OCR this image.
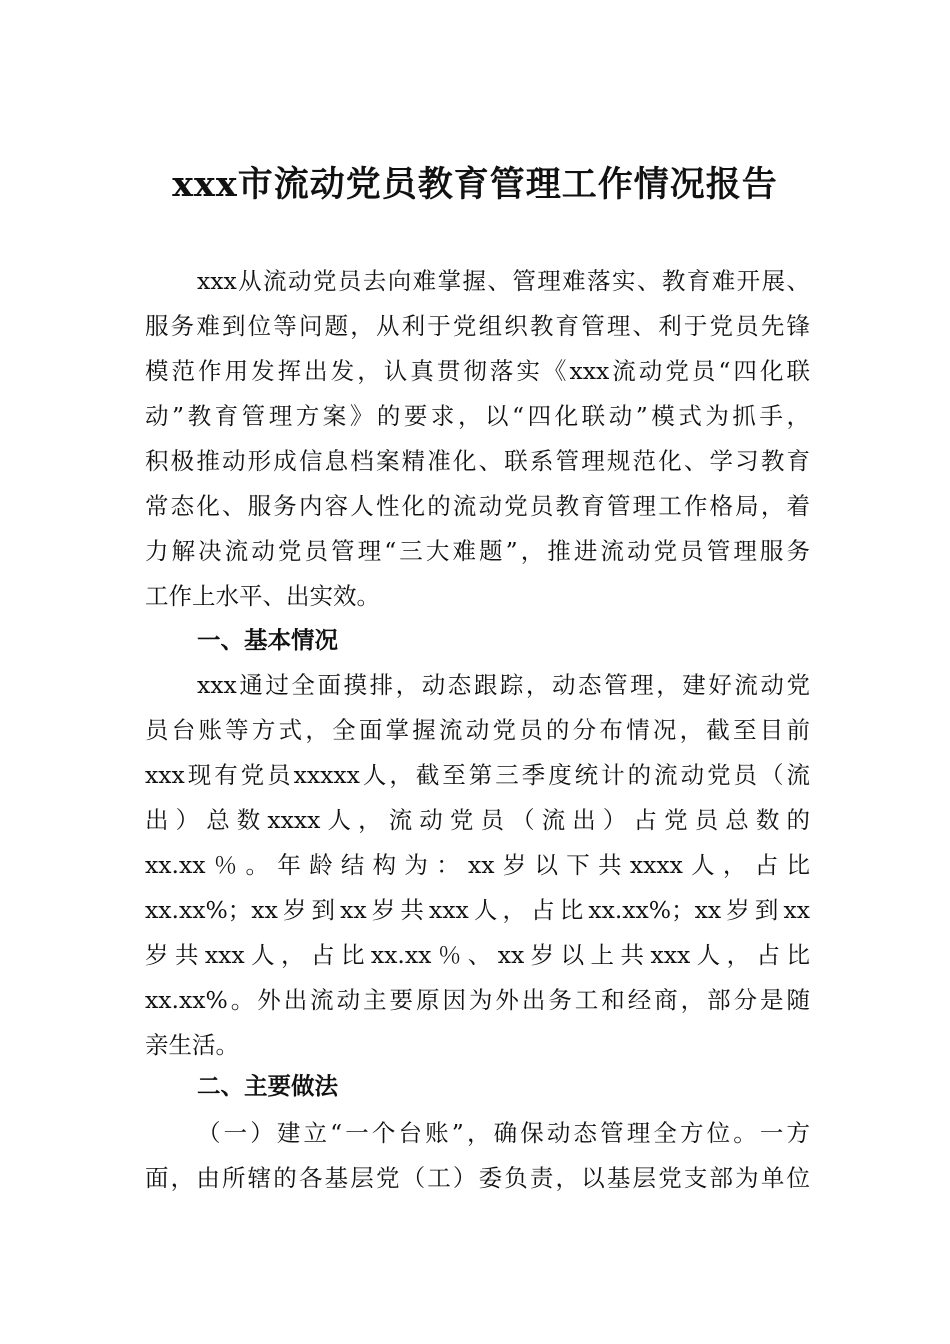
xxx市流动党员教育管理工作情况报告
xxx从流动党员去向难掌握、管理难落实、教育难开展、
服务难到位等问题，从利于党组织教育管理、利于党员先锋
模范作用发挥出发，认真贯彻落实《xxx流动党员“四化联
动”教育管理方案》的要求，以“四化联动”模式为抓手，
积极推动形成信息档案精准化、联系管理规范化、学习教育
常态化、服务内容人性化的流动党员教育管理工作格局，着
力解决流动党员管理“三大难题”，推进流动党员管理服务
工作上水平、出实效。
一、基本情况
xxx通过全面摸排，动态跟踪，动态管理，建好流动党
员台账等方式，全面掌握流动党员的分布情况，截至目前
xxx现有党员xxxxx人，截至第三季度统计的流动党员（流
出）总数xxxx人，流动党员（流出）占党员总数的
xx.xx％。年龄结构为：xx岁以下共xxxx人，占比
xx.xx%；xx岁到xx岁共xxx人，占比xx.xx%；xx岁到xx
岁共xxx人，占比xx.xx％、xx岁以上共xxx人，占比
xx.xx%。外出流动主要原因为外出务工和经商，部分是随
亲生活。
二、主要做法
（一）建立“一个台账”，确保动态管理全方位。一方
面，由所辖的各基层党（工）委负责，以基层党支部为单位
